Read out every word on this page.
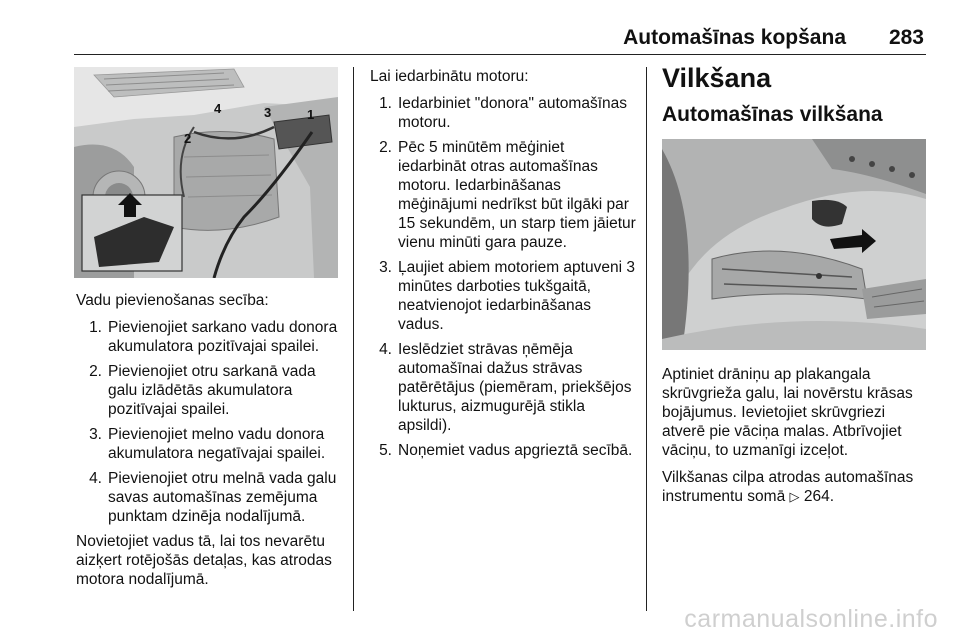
Automašīnas kopšana 283
1
2
3
4

Vadu pievienošanas secība:

1. Pievienojiet sarkano vadu donora akumulatora pozitīvajai spailei.
2. Pievienojiet otru sarkanā vada galu izlādētās akumulatora pozitīvajai spailei.
3. Pievienojiet melno vadu donora akumulatora negatīvajai spailei.
4. Pievienojiet otru melnā vada galu savas automašīnas zemējuma punktam dzinēja nodalījumā.

Novietojiet vadus tā, lai tos nevarētu aizķert rotējošās detaļas, kas atrodas motora nodalījumā.

Lai iedarbinātu motoru:

1. Iedarbiniet "donora" automašīnas motoru.
2. Pēc 5 minūtēm mēģiniet iedarbināt otras automašīnas motoru. Iedarbināšanas mēģinājumi nedrīkst būt ilgāki par 15 sekundēm, un starp tiem jāietur vienu minūti gara pauze.
3. Ļaujiet abiem motoriem aptuveni 3 minūtes darboties tukšgaitā, neatvienojot iedarbināšanas vadus.
4. Ieslēdziet strāvas ņēmēja automašīnai dažus strāvas patērētājus (piemēram, priekšējos lukturus, aizmugurējā stikla apsildi).
5. Noņemiet vadus apgrieztā secībā.
Vilkšana
Automašīnas vilkšana

Aptiniet drāniņu ap plakangala skrūvgrieža galu, lai novērstu krāsas bojājumus. Ievietojiet skrūvgriezi atverē pie vāciņa malas. Atbrīvojiet vāciņu, to uzmanīgi izceļot.

Vilkšanas cilpa atrodas automašīnas instrumentu somā ▷ 264.

carmanualsonline.info
